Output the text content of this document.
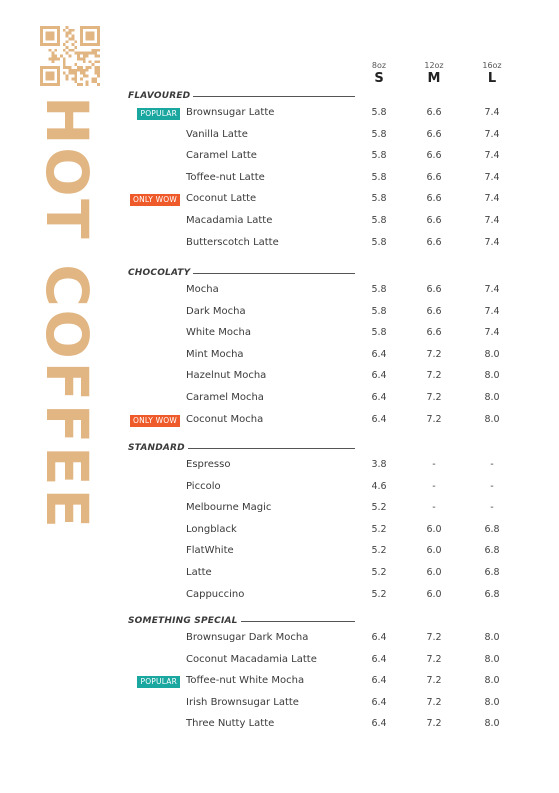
H
O
T

C
O
F
F
E
E
8oz
S
12oz
M
16oz
L
FLAVOURED
POPULAR Brownsugar Latte	5.8	6.6	7.4
Vanilla Latte	5.8	6.6	7.4
Caramel Latte	5.8	6.6	7.4
Toffee-nut Latte	5.8	6.6	7.4
ONLY WOW Coconut Latte	5.8	6.6	7.4
Macadamia Latte	5.8	6.6	7.4
Butterscotch Latte	5.8	6.6	7.4
CHOCOLATY
Mocha	5.8	6.6	7.4
Dark Mocha	5.8	6.6	7.4
White Mocha	5.8	6.6	7.4
Mint Mocha	6.4	7.2	8.0
Hazelnut Mocha	6.4	7.2	8.0
Caramel Mocha	6.4	7.2	8.0
ONLY WOW Coconut Mocha	6.4	7.2	8.0
STANDARD
Espresso	3.8	-	-
Piccolo	4.6	-	-
Melbourne Magic	5.2	-	-
Longblack	5.2	6.0	6.8
FlatWhite	5.2	6.0	6.8
Latte	5.2	6.0	6.8
Cappuccino	5.2	6.0	6.8
SOMETHING SPECIAL
Brownsugar Dark Mocha	6.4	7.2	8.0
Coconut Macadamia Latte	6.4	7.2	8.0
POPULAR Toffee-nut White Mocha	6.4	7.2	8.0
Irish Brownsugar Latte	6.4	7.2	8.0
Three Nutty Latte	6.4	7.2	8.0
